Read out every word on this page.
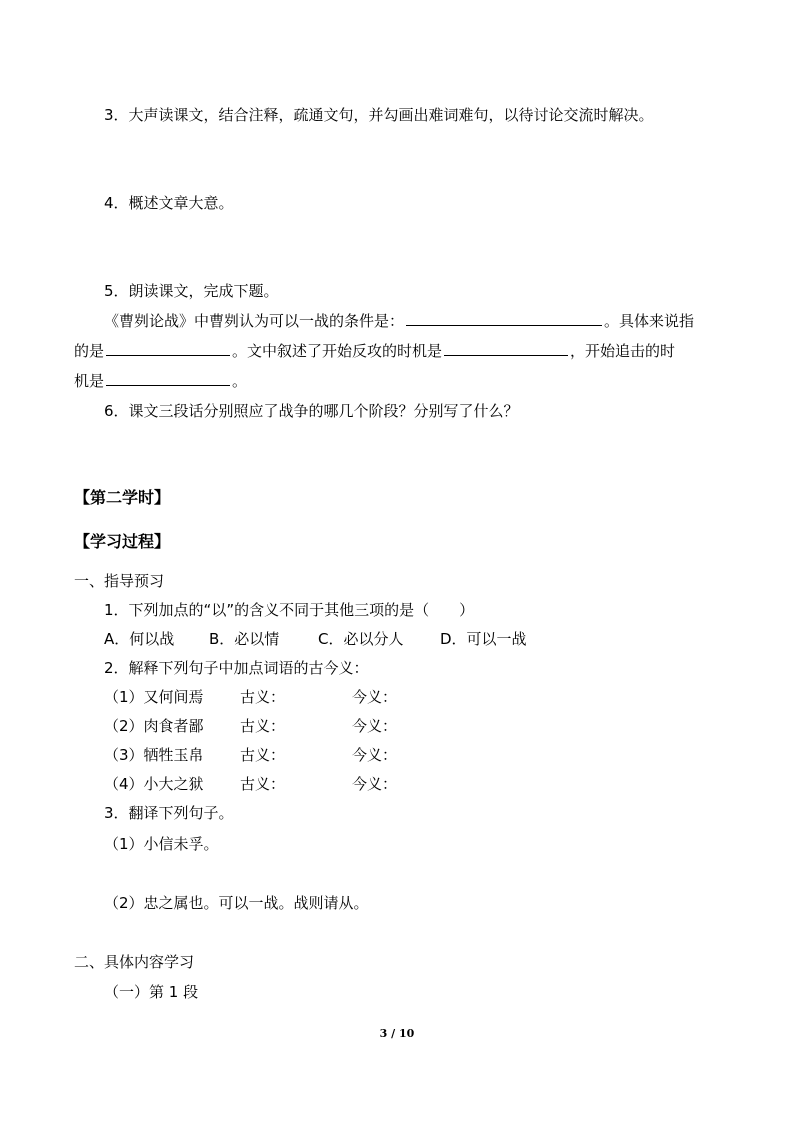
3．大声读课文，结合注释，疏通文句，并勾画出难词难句，以待讨论交流时解决。

4．概述文章大意。

5．朗读课文，完成下题。

《曹刿论战》中曹刿认为可以一战的条件是：	。具体来说指

的是	。文中叙述了开始反攻的时机是	，开始追击的时

机是	。

6．课文三段话分别照应了战争的哪几个阶段？分别写了什么？

【第二学时】

【学习过程】

一、指导预习

1．下列加点的“以”的含义不同于其他三项的是（　　）

A．何以战 B．必以情	C．必以分人 D．可以一战

2．解释下列句子中加点词语的古今义：

（1）又何间焉 古义：	今义：
（2）肉食者鄙 古义：	今义：
（3）牺牲玉帛 古义：	今义：
（4）小大之狱 古义：	今义：

3．翻译下列句子。

（1）小信未孚。

（2）忠之属也。可以一战。战则请从。

二、具体内容学习

（一）第 1 段

3 / 10
